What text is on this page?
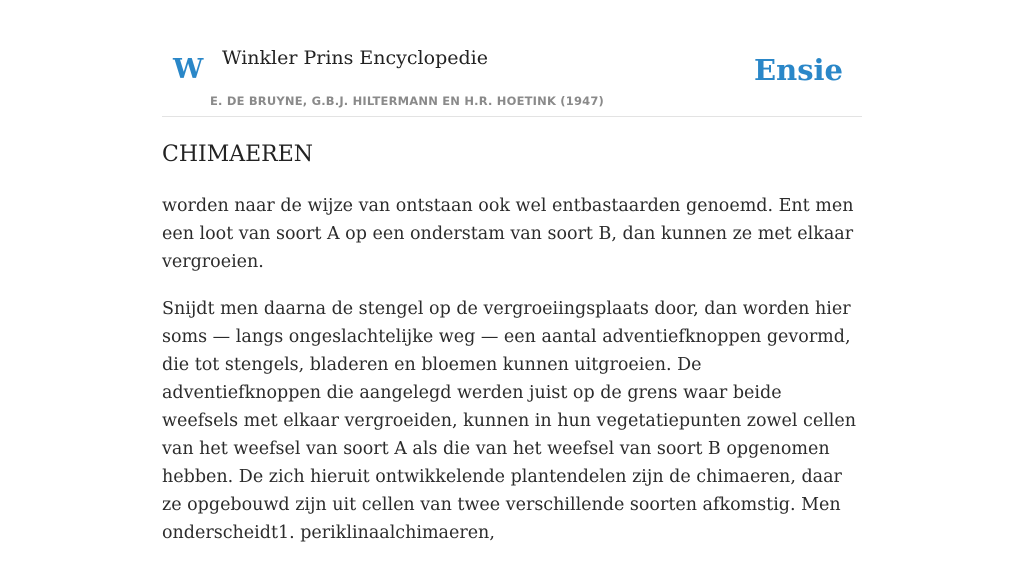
W Winkler Prins Encyclopedie
E. DE BRUYNE, G.B.J. HILTERMANN EN H.R. HOETINK (1947)
Ensie
CHIMAEREN

worden naar de wijze van ontstaan ook wel entbastaarden genoemd. Ent men een loot van soort A op een onderstam van soort B, dan kunnen ze met elkaar vergroeien.

Snijdt men daarna de stengel op de vergroeiingsplaats door, dan worden hier soms — langs ongeslachtelijke weg — een aantal adventiefknoppen gevormd, die tot stengels, bladeren en bloemen kunnen uitgroeien. De adventiefknoppen die aangelegd werden juist op de grens waar beide weefsels met elkaar vergroeiden, kunnen in hun vegetatiepunten zowel cellen van het weefsel van soort A als die van het weefsel van soort B opgenomen hebben. De zich hieruit ontwikkelende plantendelen zijn de chimaeren, daar ze opgebouwd zijn uit cellen van twee verschillende soorten afkomstig. Men onderscheidt1. periklinaalchimaeren,
